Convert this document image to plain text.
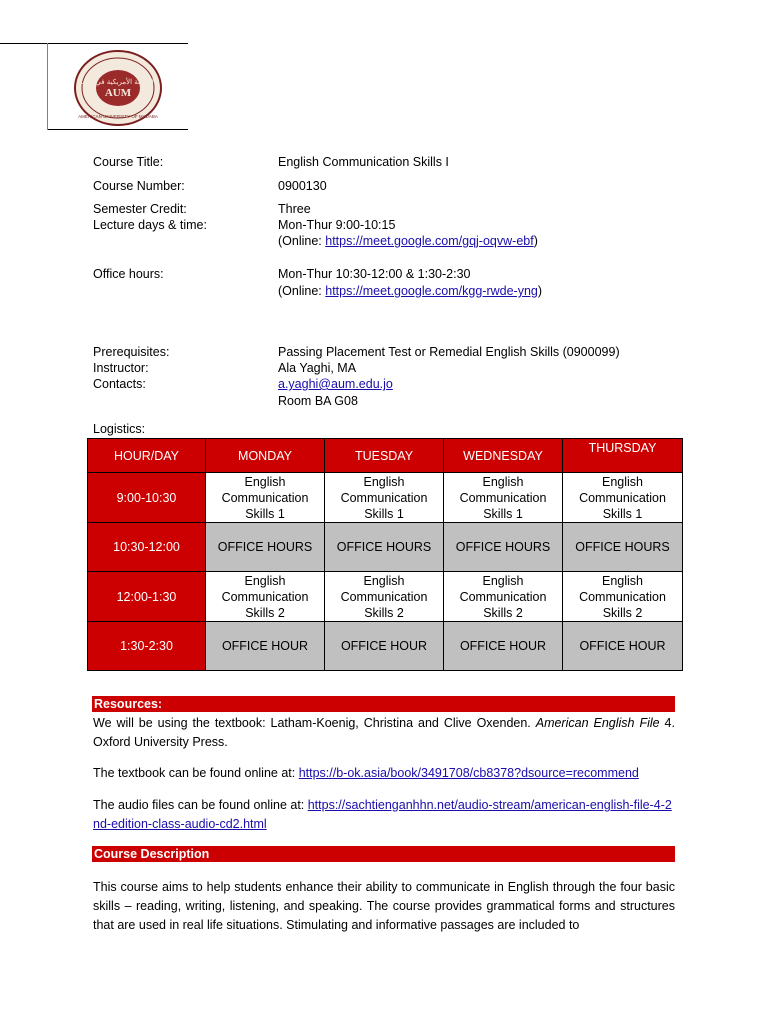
الجامعة الأمريكية في مادبا
AUM
AMERICAN UNIVERSITY OF MADABA
Course Title:	English Communication Skills I
Course Number:	0900130
Semester Credit:	Three
Lecture days & time:	Mon-Thur 9:00-10:15
(Online: https://meet.google.com/gqj-oqvw-ebf)
Office hours:	Mon-Thur 10:30-12:00 & 1:30-2:30
(Online: https://meet.google.com/kgg-rwde-yng)
Prerequisites:	Passing Placement Test or Remedial English Skills (0900099)
Instructor:	Ala Yaghi, MA
Contacts:	a.yaghi@aum.edu.jo
Room BA G08
Logistics:
HOUR/DAY	MONDAY	TUESDAY	WEDNESDAY	THURSDAY
9:00-10:30	English Communication Skills 1	English Communication Skills 1	English Communication Skills 1	English Communication Skills 1
10:30-12:00	OFFICE HOURS	OFFICE HOURS	OFFICE HOURS	OFFICE HOURS
12:00-1:30	English Communication Skills 2	English Communication Skills 2	English Communication Skills 2	English Communication Skills 2
1:30-2:30	OFFICE HOUR	OFFICE HOUR	OFFICE HOUR	OFFICE HOUR
Resources:
We will be using the textbook: Latham-Koenig, Christina and Clive Oxenden. American English File 4. Oxford University Press.
The textbook can be found online at: https://b-ok.asia/book/3491708/cb8378?dsource=recommend
The audio files can be found online at: https://sachtienganhhn.net/audio-stream/american-english-file-4-2nd-edition-class-audio-cd2.html
Course Description
This course aims to help students enhance their ability to communicate in English through the four basic skills – reading, writing, listening, and speaking. The course provides grammatical forms and structures that are used in real life situations. Stimulating and informative passages are included to
